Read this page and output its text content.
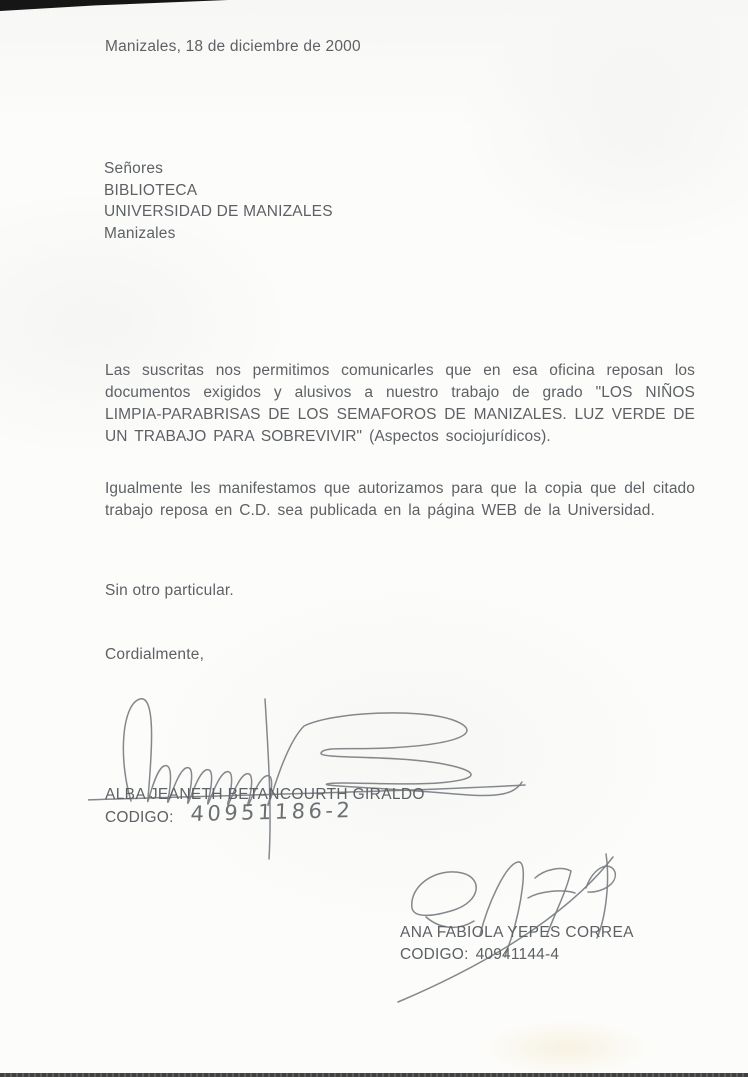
Manizales, 18 de diciembre de 2000
Señores
BIBLIOTECA
UNIVERSIDAD DE MANIZALES
Manizales
Las suscritas nos permitimos comunicarles que en esa oficina reposan los documentos exigidos y alusivos a nuestro trabajo de grado "LOS NIÑOS LIMPIA-PARABRISAS DE LOS SEMAFOROS DE MANIZALES. LUZ VERDE DE UN TRABAJO PARA SOBREVIVIR" (Aspectos sociojurídicos).
Igualmente les manifestamos que autorizamos para que la copia que del citado trabajo reposa en C.D. sea publicada en la página WEB de la Universidad.
Sin otro particular.
Cordialmente,
ALBA JEANETH BETANCOURTH GIRALDO
CODIGO: 40951186-2
ANA FABIOLA YEPES CORREA
CODIGO: 40941144-4
